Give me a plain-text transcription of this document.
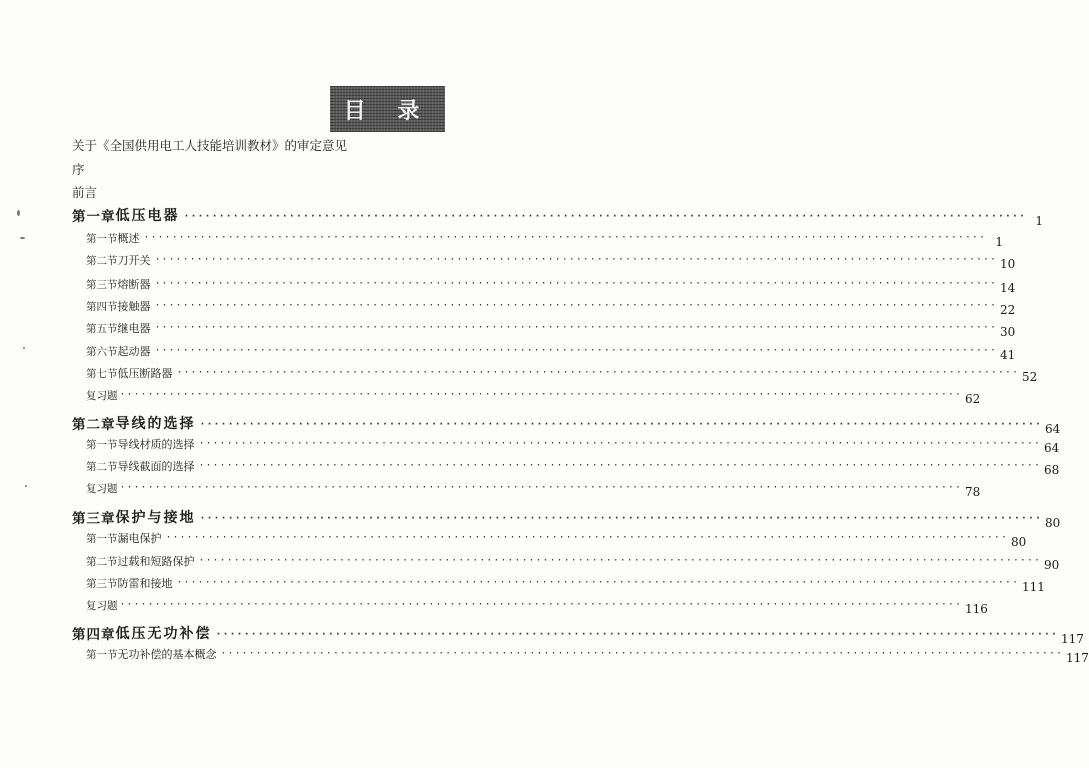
目 录
关于《全国供用电工人技能培训教材》的审定意见
序
前言
第一章 低压电器 ························································································································ 1
第一节 概述 ························································································································ 1
第二节 刀开关 ························································································································ 10
第三节 熔断器 ························································································································ 14
第四节 接触器 ························································································································ 22
第五节 继电器 ························································································································ 30
第六节 起动器 ························································································································ 41
第七节 低压断路器 ························································································································ 52
复习题 ························································································································ 62
第二章 导线的选择 ························································································································ 64
第一节 导线材质的选择 ························································································································ 64
第二节 导线截面的选择 ························································································································ 68
复习题 ························································································································ 78
第三章 保护与接地 ························································································································ 80
第一节 漏电保护 ························································································································ 80
第二节 过载和短路保护 ························································································································ 90
第三节 防雷和接地 ························································································································ 111
复习题 ························································································································ 116
第四章 低压无功补偿 ························································································································ 117
第一节 无功补偿的基本概念 ························································································································ 117
